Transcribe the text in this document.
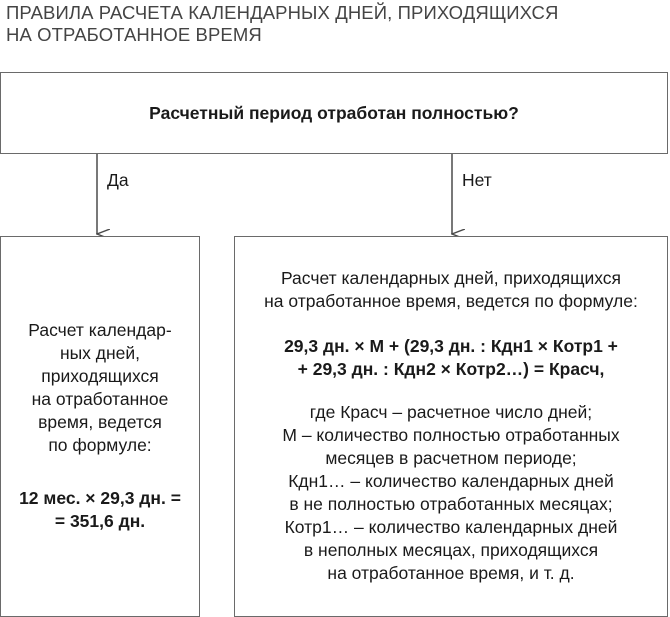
ПРАВИЛА РАСЧЕТА КАЛЕНДАРНЫХ ДНЕЙ, ПРИХОДЯЩИХСЯ
НА ОТРАБОТАННОЕ ВРЕМЯ
Расчетный период отработан полностью?
Да	Нет
Расчет календар-
ных дней,
приходящихся
на отработанное
время, ведется
по формуле:
12 мес. × 29,3 дн. =
= 351,6 дн.
Расчет календарных дней, приходящихся
на отработанное время, ведется по формуле:
29,3 дн. × М + (29,3 дн. : Кдн1 × Котр1 +
+ 29,3 дн. : Кдн2 × Котр2…) = Красч,
где Красч – расчетное число дней;
М – количество полностью отработанных
месяцев в расчетном периоде;
Кдн1… – количество календарных дней
в не полностью отработанных месяцах;
Котр1… – количество календарных дней
в неполных месяцах, приходящихся
на отработанное время, и т. д.
